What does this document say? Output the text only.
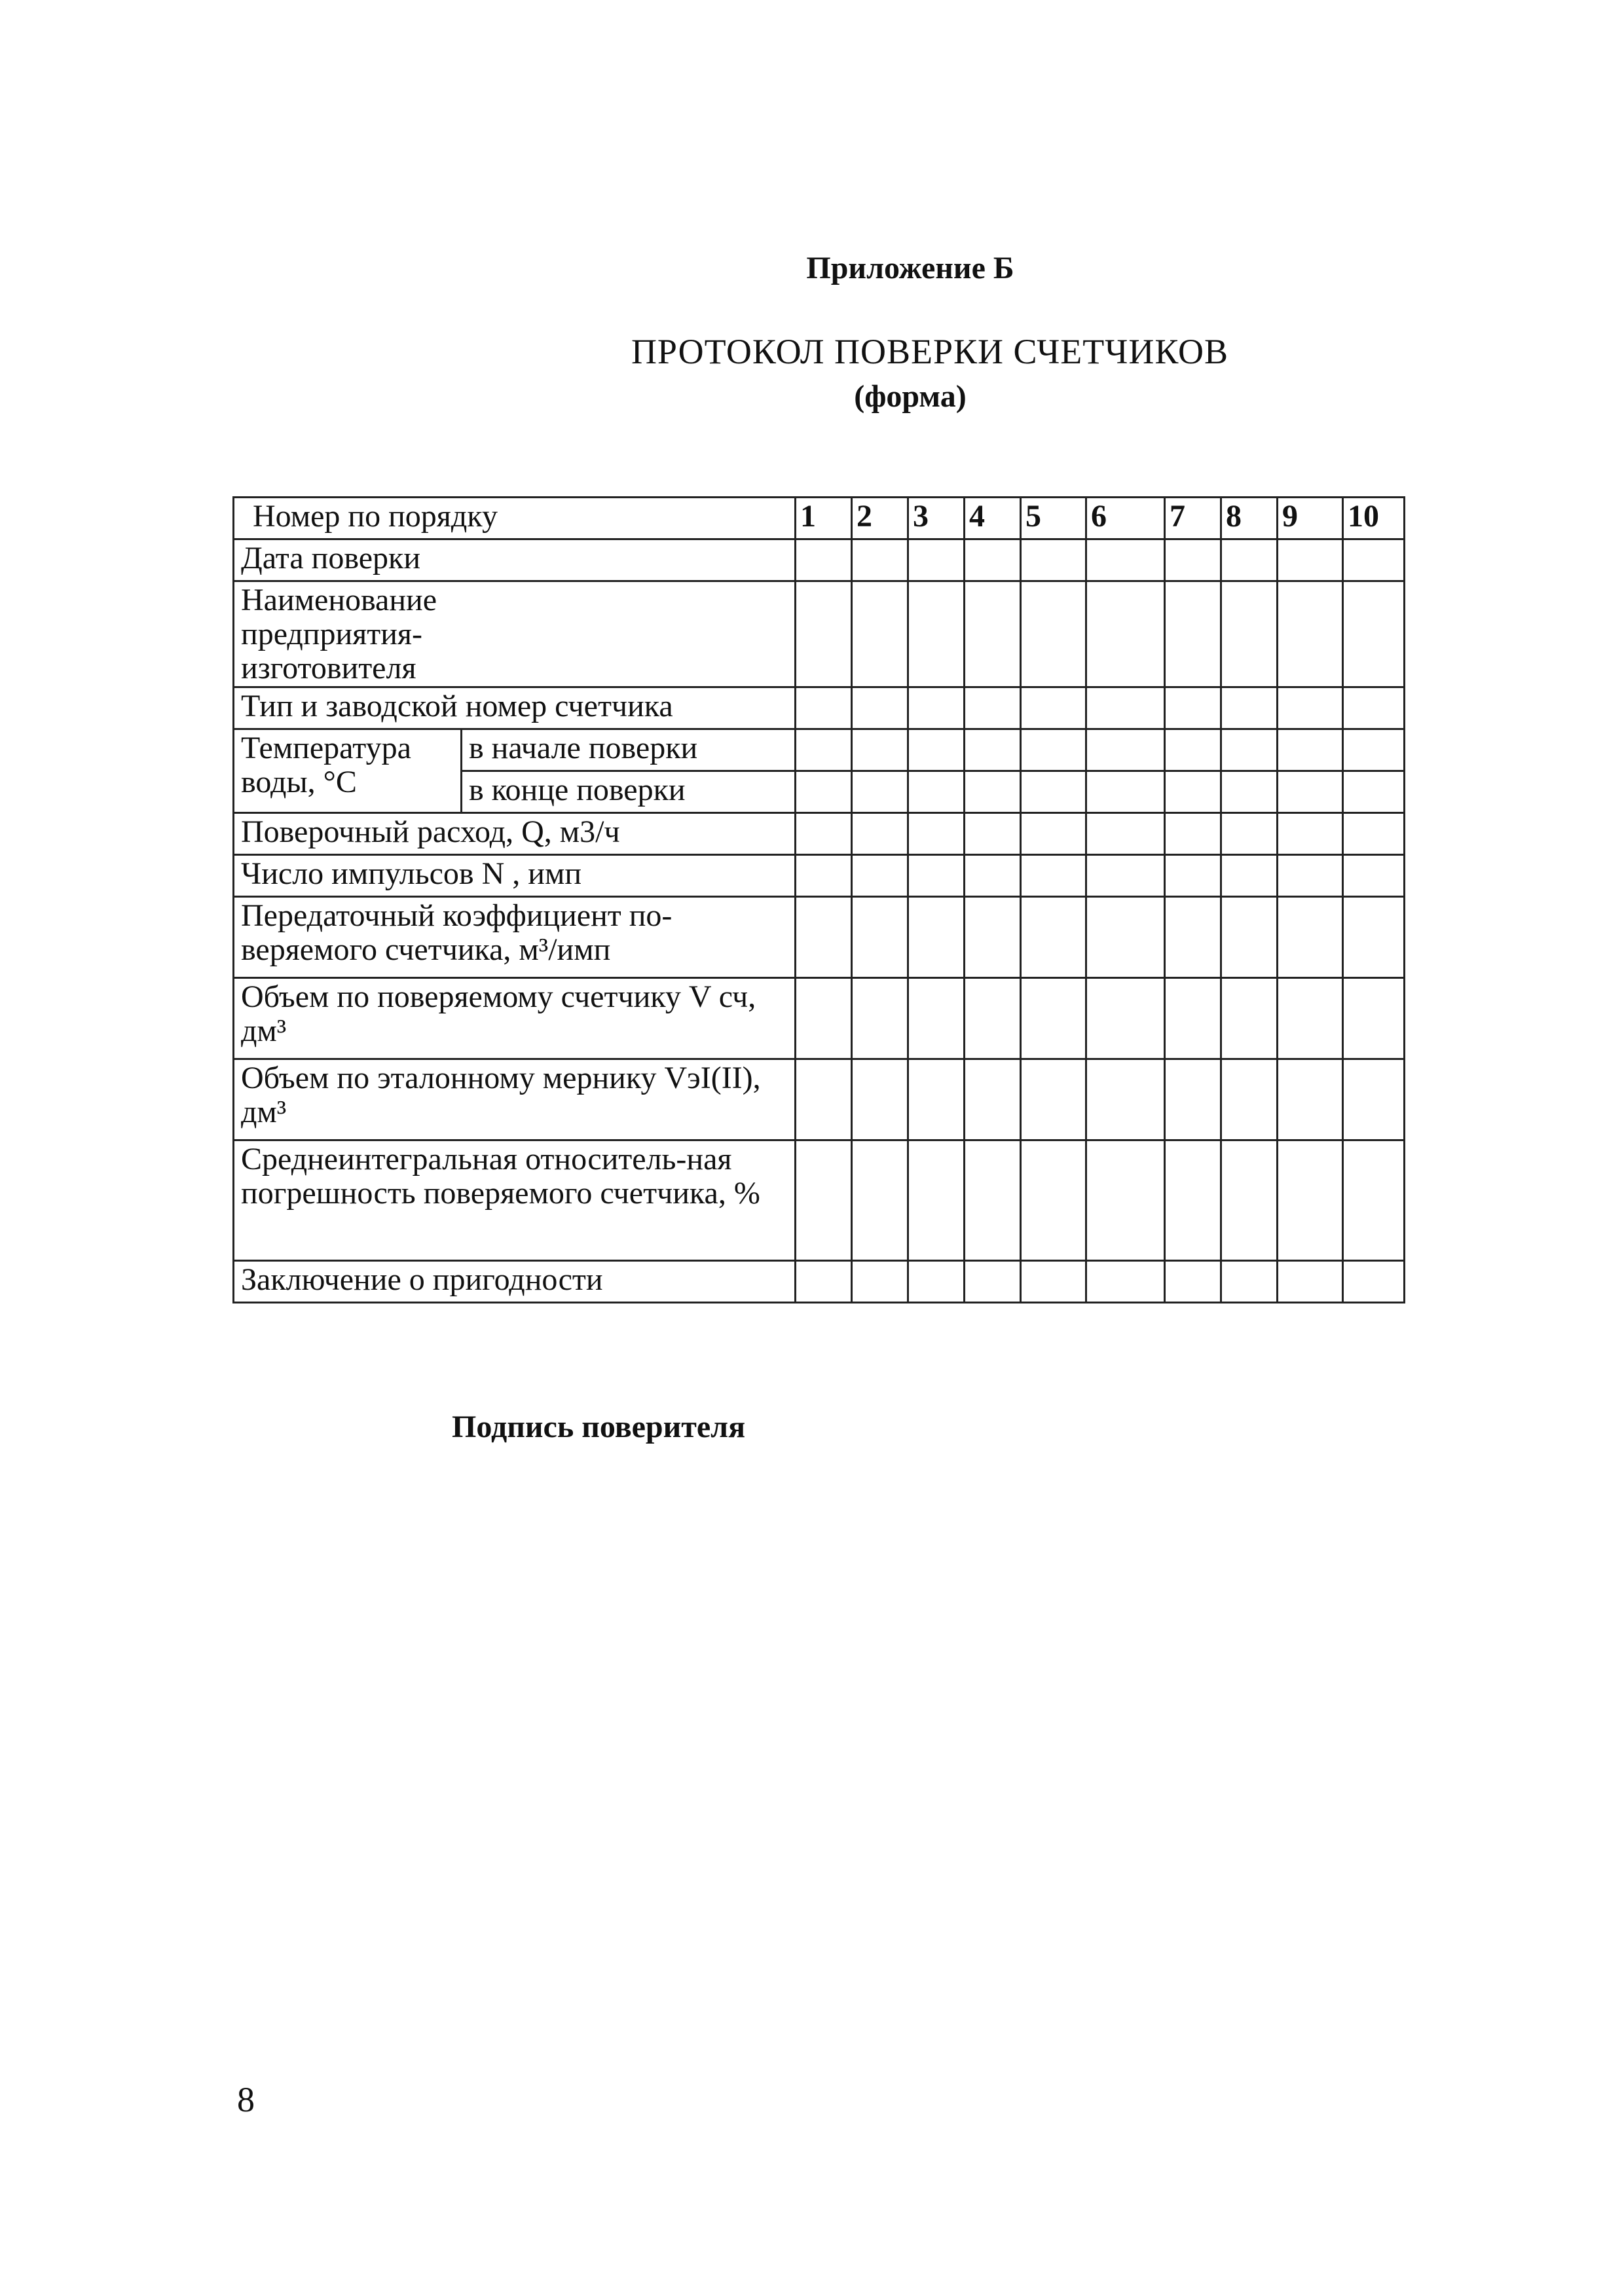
Приложение Б
ПРОТОКОЛ ПОВЕРКИ СЧЕТЧИКОВ
(форма)
Номер по порядку		1	2	3	4	5	6	7	8	9	10
Дата поверки											
Наименование предприятия-изготовителя											
Тип и заводской номер счетчика											
Температура воды, °С	в начале поверки										
	в конце поверки										
Поверочный расход, Q, м3/ч											
Число импульсов N , имп											
Передаточный коэффициент по-веряемого счетчика, м³/имп											
Объем по поверяемому счетчику V сч, дм³											
Объем по эталонному мернику VэI(II), дм³											
Среднеинтегральная относитель-ная погрешность поверяемого счетчика, %											
Заключение о пригодности											
Подпись поверителя
8
